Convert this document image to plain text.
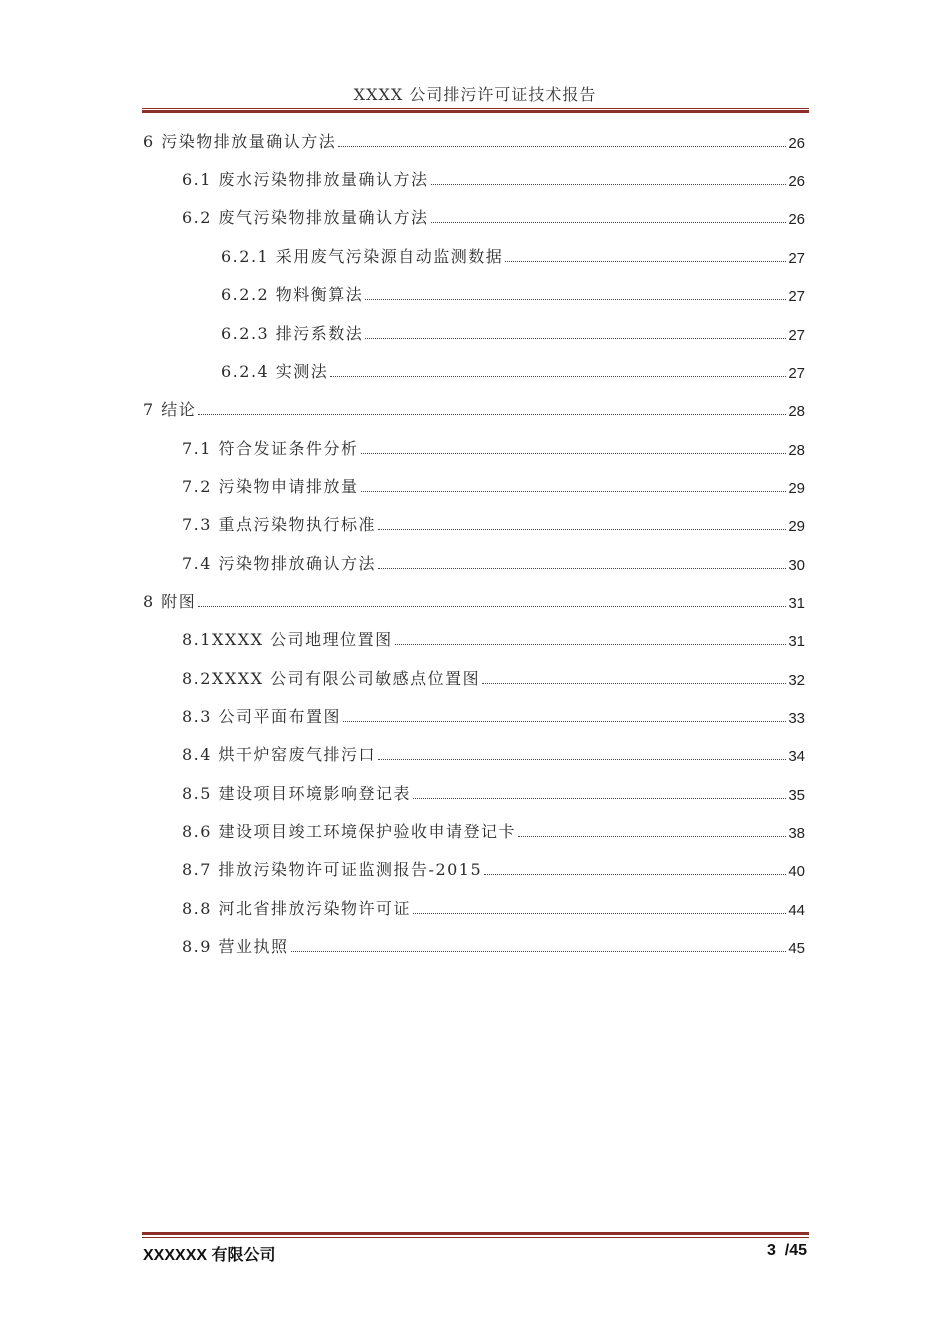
XXXX 公司排污许可证技术报告
6 污染物排放量确认方法	26
6.1 废水污染物排放量确认方法	26
6.2 废气污染物排放量确认方法	26
6.2.1 采用废气污染源自动监测数据	27
6.2.2 物料衡算法	27
6.2.3 排污系数法	27
6.2.4 实测法	27
7 结论	28
7.1 符合发证条件分析	28
7.2 污染物申请排放量	29
7.3 重点污染物执行标准	29
7.4 污染物排放确认方法	30
8 附图	31
8.1XXXX 公司地理位置图	31
8.2XXXX 公司有限公司敏感点位置图	32
8.3 公司平面布置图	33
8.4 烘干炉窑废气排污口	34
8.5 建设项目环境影响登记表	35
8.6 建设项目竣工环境保护验收申请登记卡	38
8.7 排放污染物许可证监测报告-2015	40
8.8 河北省排放污染物许可证	44
8.9 营业执照	45
XXXXXX 有限公司	3  /45
